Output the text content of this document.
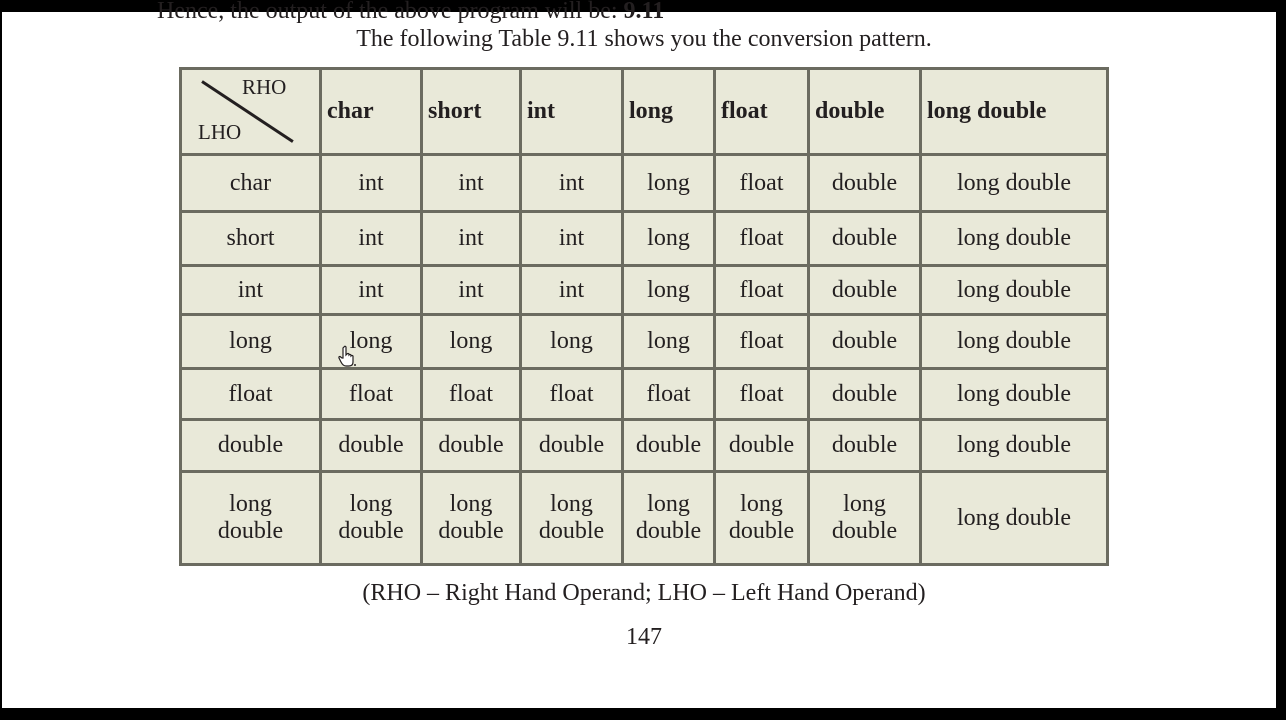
Hence, the output of the above program will be: 9.11
The following Table 9.11 shows you the conversion pattern.
RHO
LHO	char	short	int	long	float	double	long double
char	int	int	int	long	float	double	long double
short	int	int	int	long	float	double	long double
int	int	int	int	long	float	double	long double
long	long	long	long	long	float	double	long double
float	float	float	float	float	float	double	long double
double	double	double	double	double	double	double	long double
long double	long double	long double	long double	long double	long double	long double	long double
(RHO – Right Hand Operand; LHO – Left Hand Operand)
147
